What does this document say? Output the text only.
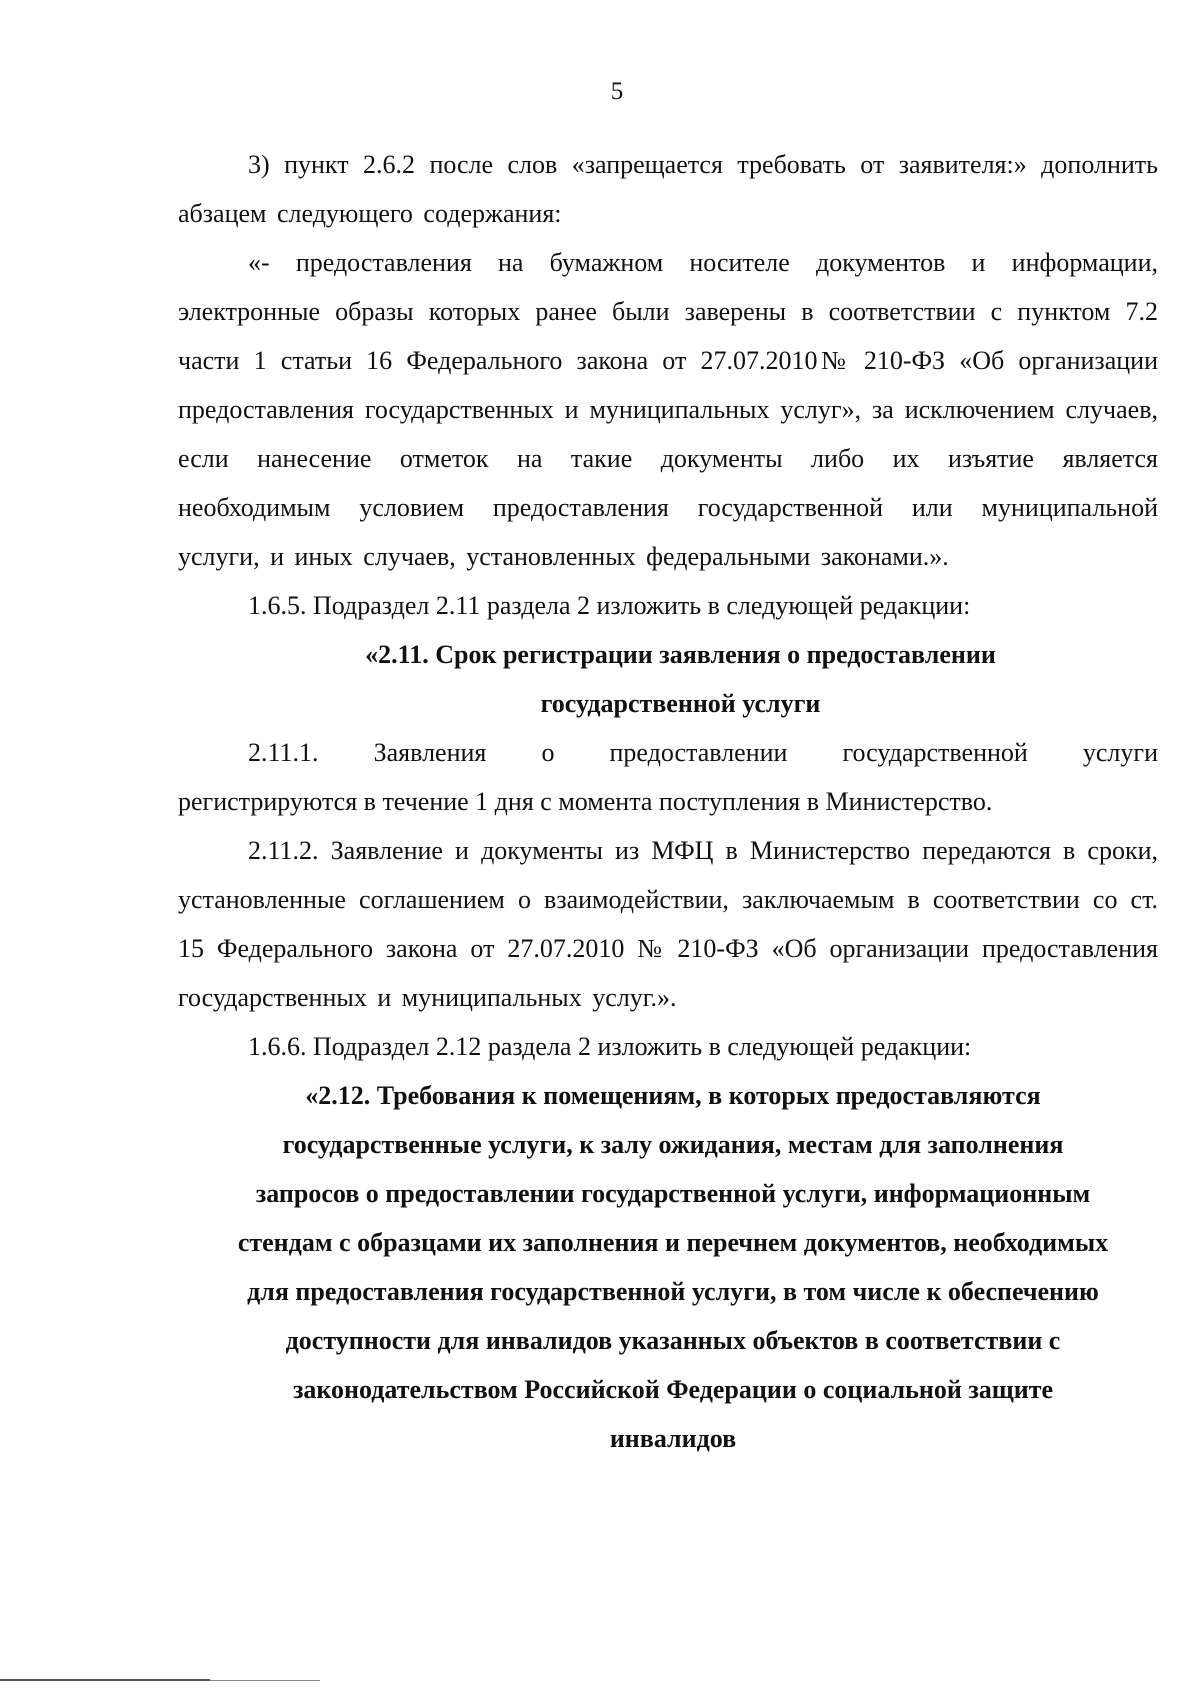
5

3) пункт 2.6.2 после слов «запрещается требовать от заявителя:» дополнить абзацем следующего содержания:

«- предоставления на бумажном носителе документов и информации, электронные образы которых ранее были заверены в соответствии с пунктом 7.2 части 1 статьи 16 Федерального закона от 27.07.2010№ 210-ФЗ «Об организации предоставления государственных и муниципальных услуг», за исключением случаев, если нанесение отметок на такие документы либо их изъятие является необходимым условием предоставления государственной или муниципальной услуги, и иных случаев, установленных федеральными законами.».

1.6.5. Подраздел 2.11 раздела 2 изложить в следующей редакции:

«2.11. Срок регистрации заявления о предоставлении
государственной услуги
2.11.1. Заявления о предоставлении государственной услуги
регистрируются в течение 1 дня с момента поступления в Министерство.

2.11.2. Заявление и документы из МФЦ в Министерство передаются в сроки, установленные соглашением о взаимодействии, заключаемым в соответствии со ст. 15 Федерального закона от 27.07.2010 № 210-ФЗ «Об организации предоставления государственных и муниципальных услуг.».

1.6.6. Подраздел 2.12 раздела 2 изложить в следующей редакции:

«2.12. Требования к помещениям, в которых предоставляются
государственные услуги, к залу ожидания, местам для заполнения
запросов о предоставлении государственной услуги, информационным
стендам с образцами их заполнения и перечнем документов, необходимых
для предоставления государственной услуги, в том числе к обеспечению
доступности для инвалидов указанных объектов в соответствии с
законодательством Российской Федерации о социальной защите
инвалидов
